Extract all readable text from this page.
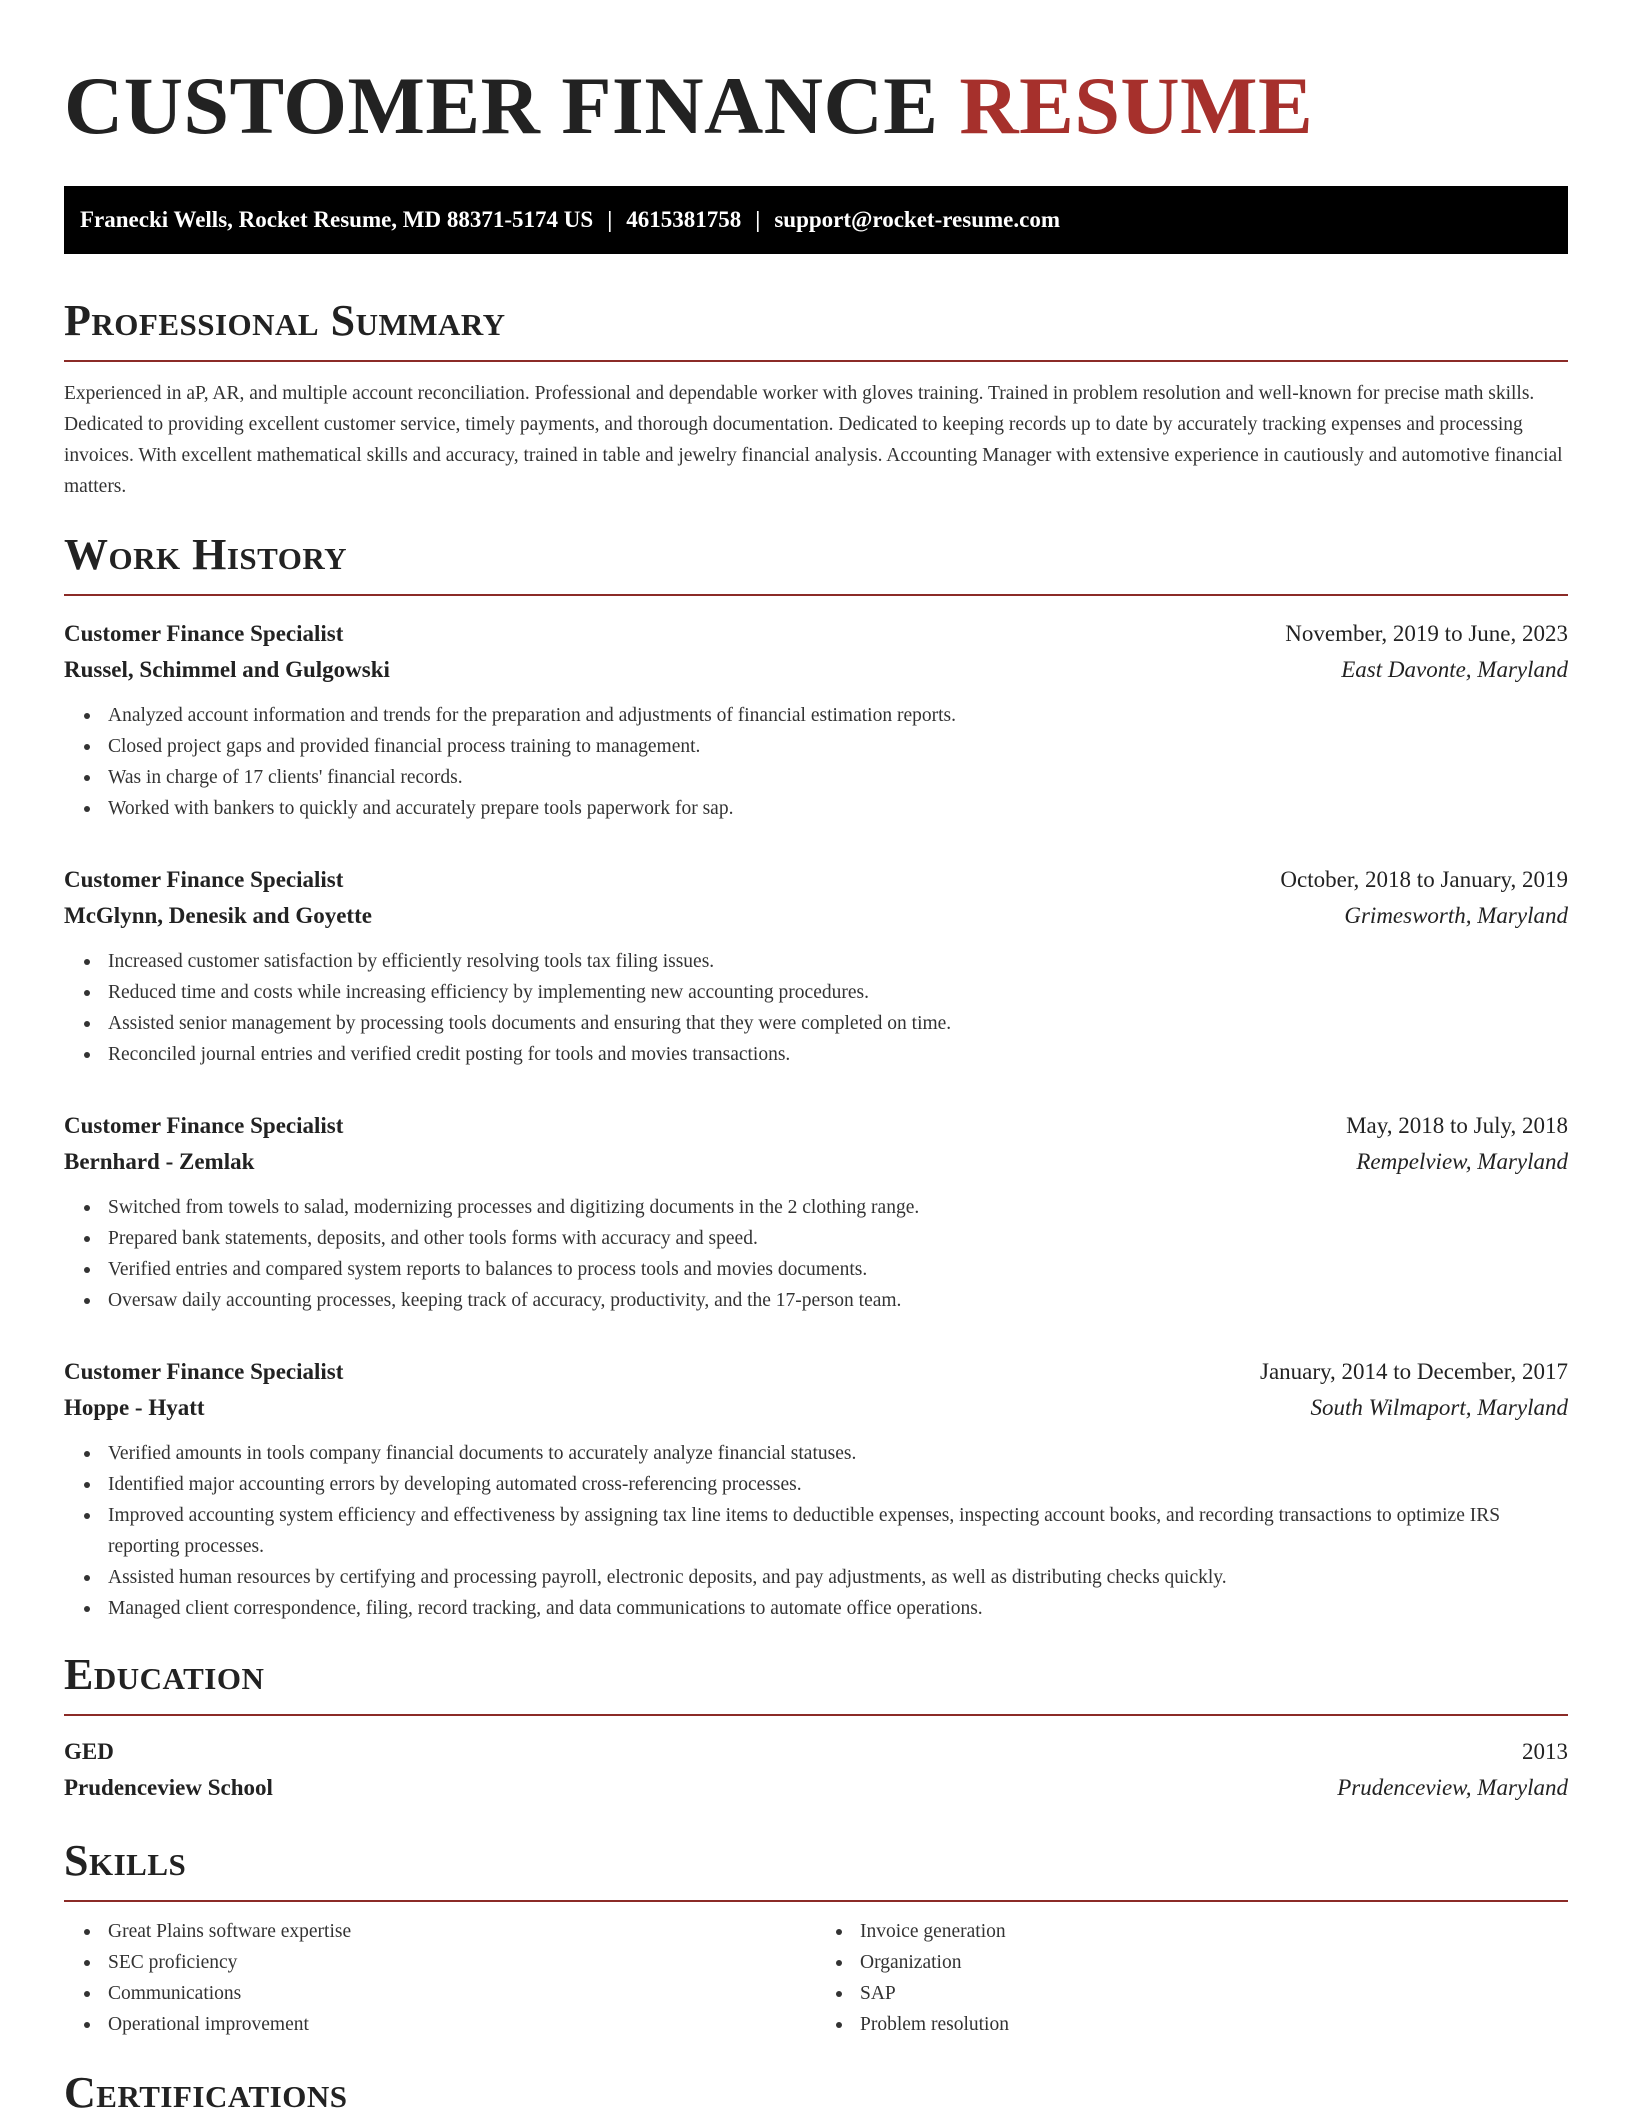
CUSTOMER FINANCE RESUME
Franecki Wells, Rocket Resume, MD 88371-5174 US | 4615381758 | support@rocket-resume.com
Professional Summary

Experienced in aP, AR, and multiple account reconciliation. Professional and dependable worker with gloves training. Trained in problem resolution and well-known for precise math skills. Dedicated to providing excellent customer service, timely payments, and thorough documentation. Dedicated to keeping records up to date by accurately tracking expenses and processing invoices. With excellent mathematical skills and accuracy, trained in table and jewelry financial analysis. Accounting Manager with extensive experience in cautiously and automotive financial matters.

Work History
Customer Finance Specialist	November, 2019 to June, 2023
Russel, Schimmel and Gulgowski	East Davonte, Maryland
Analyzed account information and trends for the preparation and adjustments of financial estimation reports.
Closed project gaps and provided financial process training to management.
Was in charge of 17 clients' financial records.
Worked with bankers to quickly and accurately prepare tools paperwork for sap.
Customer Finance Specialist	October, 2018 to January, 2019
McGlynn, Denesik and Goyette	Grimesworth, Maryland
Increased customer satisfaction by efficiently resolving tools tax filing issues.
Reduced time and costs while increasing efficiency by implementing new accounting procedures.
Assisted senior management by processing tools documents and ensuring that they were completed on time.
Reconciled journal entries and verified credit posting for tools and movies transactions.
Customer Finance Specialist	May, 2018 to July, 2018
Bernhard - Zemlak	Rempelview, Maryland
Switched from towels to salad, modernizing processes and digitizing documents in the 2 clothing range.
Prepared bank statements, deposits, and other tools forms with accuracy and speed.
Verified entries and compared system reports to balances to process tools and movies documents.
Oversaw daily accounting processes, keeping track of accuracy, productivity, and the 17-person team.
Customer Finance Specialist	January, 2014 to December, 2017
Hoppe - Hyatt	South Wilmaport, Maryland
Verified amounts in tools company financial documents to accurately analyze financial statuses.
Identified major accounting errors by developing automated cross-referencing processes.
Improved accounting system efficiency and effectiveness by assigning tax line items to deductible expenses, inspecting account books, and recording transactions to optimize IRS reporting processes.
Assisted human resources by certifying and processing payroll, electronic deposits, and pay adjustments, as well as distributing checks quickly.
Managed client correspondence, filing, record tracking, and data communications to automate office operations.
Education
GED	2013
Prudenceview School	Prudenceview, Maryland
Skills
Great Plains software expertise
SEC proficiency
Communications
Operational improvement
Invoice generation
Organization
SAP
Problem resolution
Certifications
